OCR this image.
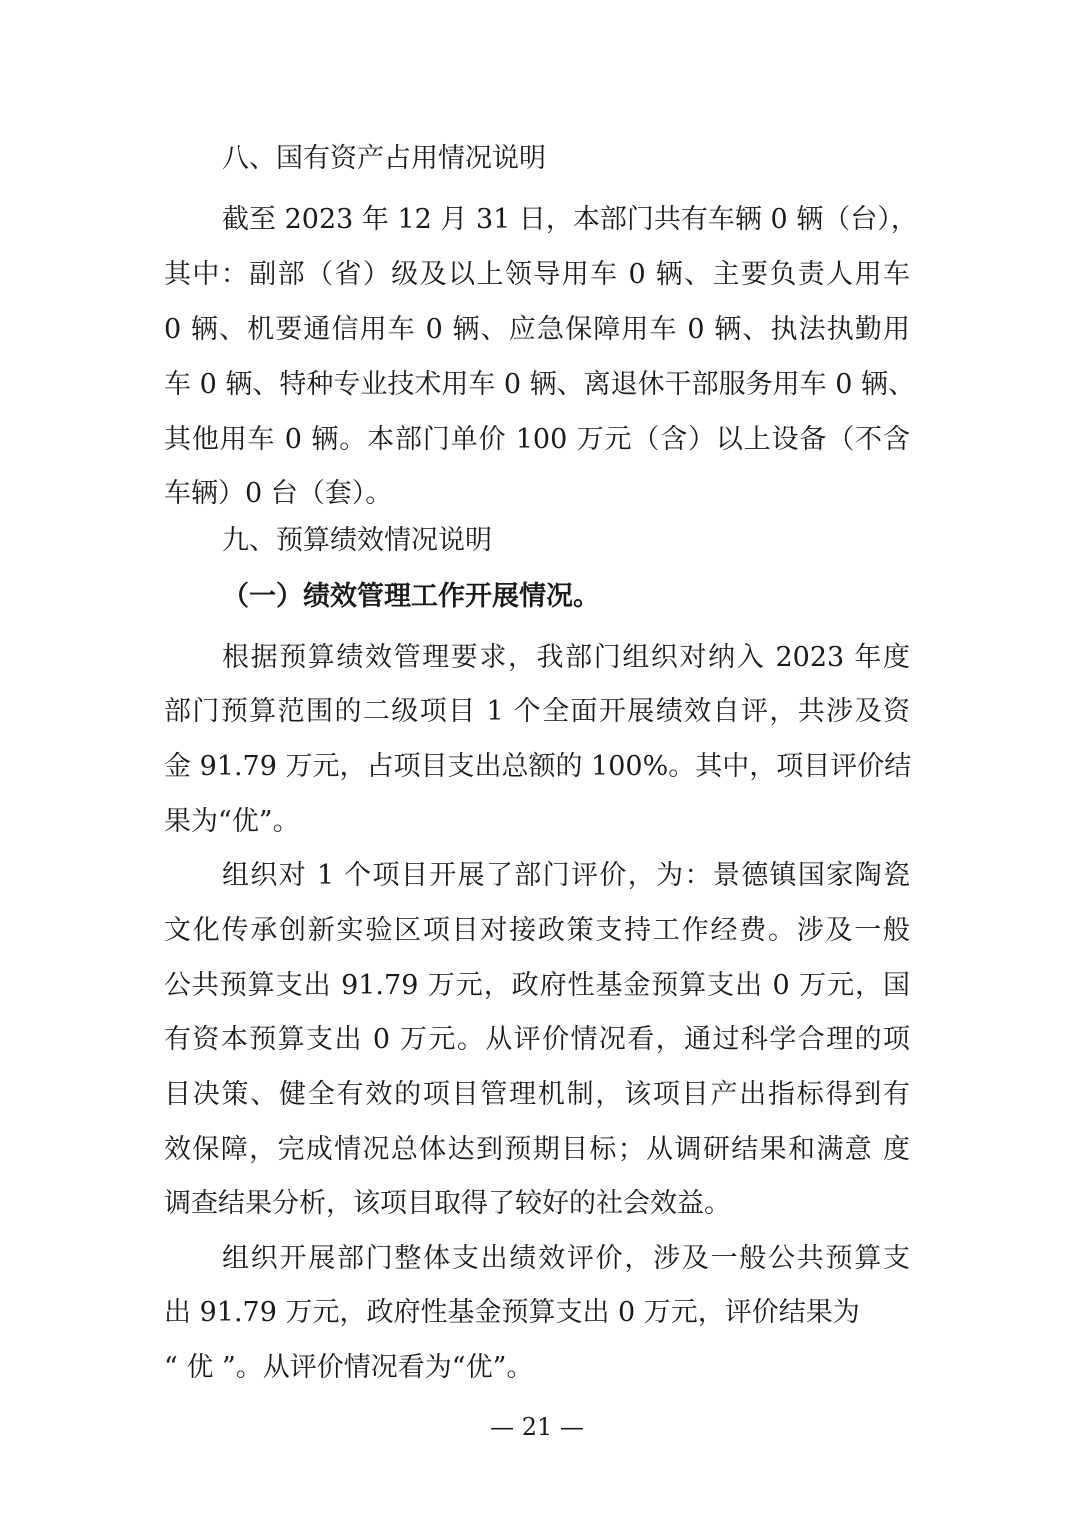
八、国有资产占用情况说明
截至 2023 年 12 月 31 日，本部门共有车辆 0 辆（台），
其中：副部（省）级及以上领导用车 0 辆、主要负责人用车
0 辆、机要通信用车 0 辆、应急保障用车 0 辆、执法执勤用
车 0 辆、特种专业技术用车 0 辆、离退休干部服务用车 0 辆、
其他用车 0 辆。本部门单价 100 万元（含）以上设备（不含
车辆）0 台（套）。
九、预算绩效情况说明
（一）绩效管理工作开展情况。
根据预算绩效管理要求，我部门组织对纳入 2023 年度
部门预算范围的二级项目 1 个全面开展绩效自评，共涉及资
金 91.79 万元，占项目支出总额的 100%。其中，项目评价结
果为“优”。
组织对 1 个项目开展了部门评价，为：景德镇国家陶瓷
文化传承创新实验区项目对接政策支持工作经费。涉及一般
公共预算支出 91.79 万元，政府性基金预算支出 0 万元，国
有资本预算支出 0 万元。从评价情况看，通过科学合理的项
目决策、健全有效的项目管理机制，该项目产出指标得到有
效保障，完成情况总体达到预期目标；从调研结果和满意 度
调查结果分析，该项目取得了较好的社会效益。
组织开展部门整体支出绩效评价，涉及一般公共预算支
出 91.79 万元，政府性基金预算支出 0 万元，评价结果为
“ 优 ”。从评价情况看为“优”。
— 21 —
